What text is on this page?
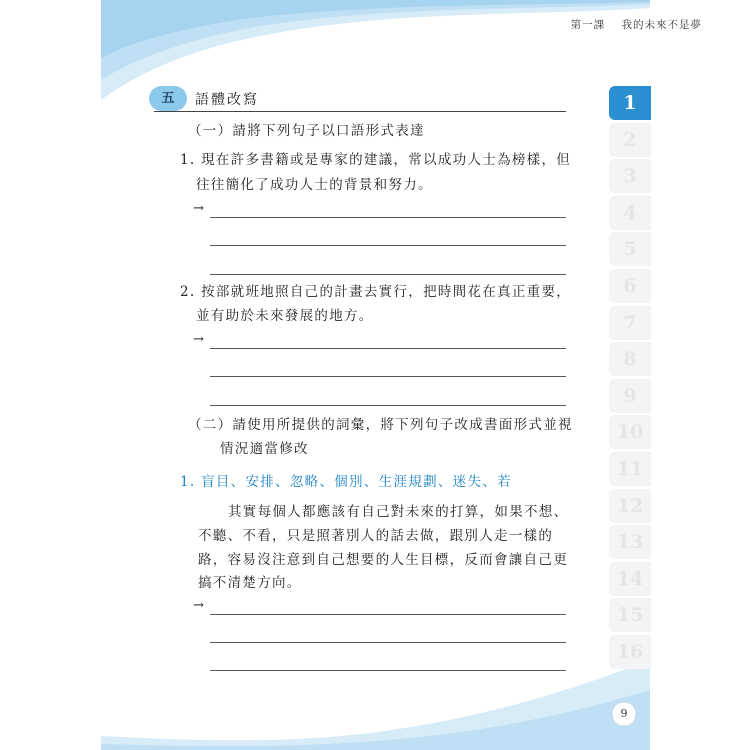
第一課 我的未來不是夢
五	語體改寫
（一）請將下列句子以口語形式表達
1. 現在許多書籍或是專家的建議，常以成功人士為榜樣，但
往往簡化了成功人士的背景和努力。
→
2. 按部就班地照自己的計畫去實行，把時間花在真正重要，
並有助於未來發展的地方。
→
（二）請使用所提供的詞彙，將下列句子改成書面形式並視
情況適當修改
1. 盲目、安排、忽略、個別、生涯規劃、迷失、若
其實每個人都應該有自己對未來的打算，如果不想、
不聽、不看，只是照著別人的話去做，跟別人走一樣的
路，容易沒注意到自己想要的人生目標，反而會讓自己更
搞不清楚方向。
→
1
2
3
4
5
6
7
8
9
10
11
12
13
14
15
16
9
